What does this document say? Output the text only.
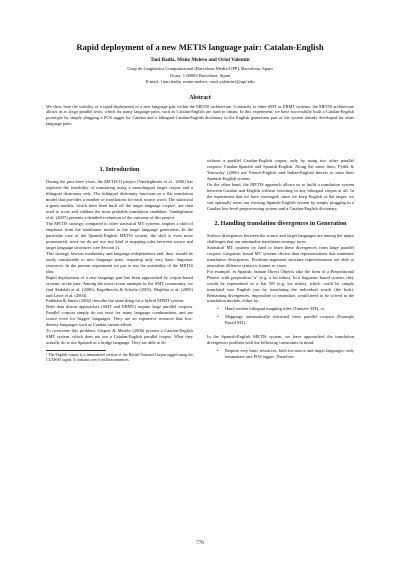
Rapid deployment of a new METIS language pair: Catalan-English
Toni Badia, Maite Melero and Oriol Valentín
Grup de Lingüística Computacional (Barcelona Media-UPF), Barcelona, Spain
Ocata, 1 08003 Barcelona, Spain
E-mail: {toni.badia, maite.melero, oriol.valentin}@upf.edu
Abstract
We show here the viability of a rapid deployment of a new language pair within the METIS architecture. Contrarily to other SMT or EBMT systems, the METIS architecture allows us to forgo parallel texts, which for many language pairs, such as Catalan-English are hard to obtain. In this experiment, we have successfully built a Catalan-English prototype by simply plugging a POS tagger for Catalan and a bilingual Catalan-English dictionary to the English generation part of the system already developed for other language pairs.
1. Introduction

During the past three years, the METIS-II project (Vandeghinste et al., 2006) has explored the feasibility of translating using a monolingual target corpus and a bilingual dictionary only. The bilingual dictionary functions as a flat translation model that provides a number of translations for each source word. The statistical n-gram models, which have been built off the target language corpus¹, are then used to score and validate the most probable translation candidate. Vandeghinste et al. (2007) presents a detailed evaluation of the outcome of this project.

The METIS strategy, compared to other statistical MT systems, implies a shift of emphasis from the translation model to the target language generation. In the particular case of the Spanish-English METIS system, the shift is even more pronounced, since we do not use any kind of mapping rules between source and target language structures (see Section 2).

This strategy favours modularity and language independence and, thus, should be easily translatable to new language pairs, requiring only very basic linguistic resources. In the present experiment we put to test the portability of the METIS idea.

Rapid deployment of a new language pair has been approached by corpus-based systems in the past. Among the most recent attempts in the SMT community, we find Abdelali et al. (2006), Engelbrecht & Schultz (2005), Majithia et al. (2005) and Lavie et al. (2004).

Pinkham & Smets (2002) describe the same thing for a hybrid EBMT system.

Both data driven approaches (SMT and EBMT) require large parallel corpora. Parallel corpora simply do not exist for many language combinations, and are scarce even for 'bigger' languages. They are an expensive resource that low-density languages such as Catalan cannot afford.

To overcome this problem, Gispert & Mariño (2006) present a Catalan-English SMT system, which does not use a Catalan-English parallel corpus. What they actually do is use Spanish as a bridge language. They are able to do

¹ The English corpus is a lemmatized version of the British National Corpus tagged using the CLAWS5 tagset. It contains over 6 million sentences.

without a parallel Catalan-English corpus, only by using two other parallel corpora: Catalan-Spanish and Spanish-English. Along the same lines, Pytlik & Yarowsky (2006) use French-English and Italian-English bitexts to train their Spanish-English system.

On the other hand, the METIS approach allows us to build a translation system between Catalan and English without resorting to any bilingual corpus at all. In the experiment that we have envisaged, since we keep English as the target, we can optimally reuse our existing Spanish-English system by simply plugging in a Catalan low-level preprocessing system and a Catalan-English dictionary.

2. Handling translation divergences in Generation

Surface divergences between the source and target languages are among the major challenges that our minimalist translation strategy faces.

Statistical MT systems try hard to learn these divergences from large parallel corpora. Linguistic based MT systems devise data representations that minimize translation divergences. Predicate-argument structure representations are able to neutralize different syntactic frames or cases.

For example, in Spanish, human Direct Objects take the form of a Prepositional Phrase, with preposition "a" (e.g. a los niños). In a linguistic-based system, they would be represented as a flat NP (e.g. los niños), which could be simply translated into English just by translating the individual words (the kids). Remaining divergences, impossible to neutralize, would need to be solved in the translation module, either by:

•	Hand written bilingual mapping rules (Transfer MT), or
•	Mappings automatically extracted from parallel corpora (Example Based MT).

In the Spanish-English METIS system, we have approached the translation divergences problem with the following constraints in mind:

•	Require very basic resources, both for source and target languages: only lemmatizer and POS tagger. Therefore:
778
